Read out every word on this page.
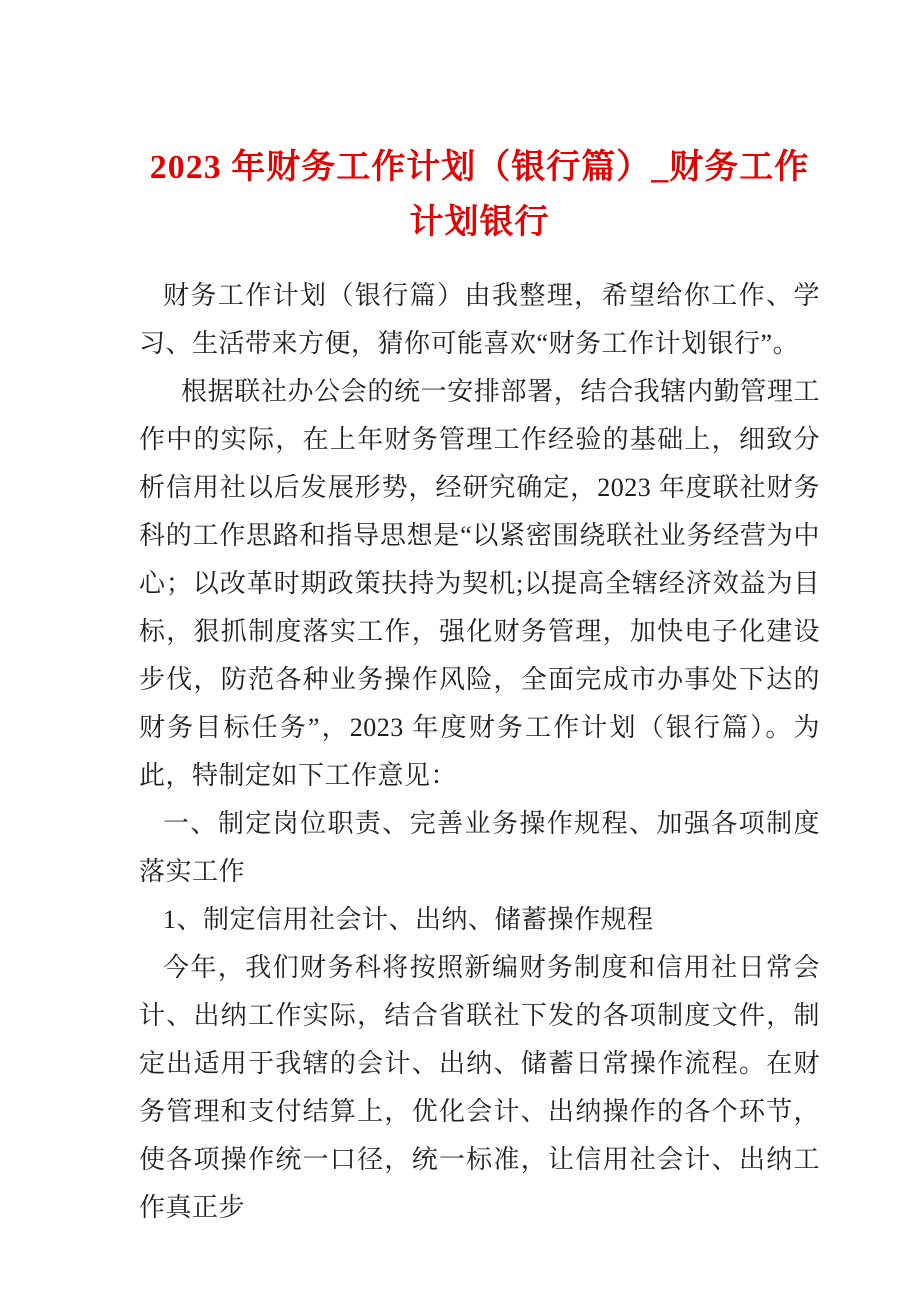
2023 年财务工作计划（银行篇）_财务工作
计划银行

财务工作计划（银行篇）由我整理，希望给你工作、学习、生活带来方便，猜你可能喜欢“财务工作计划银行”。

根据联社办公会的统一安排部署，结合我辖内勤管理工作中的实际，在上年财务管理工作经验的基础上，细致分析信用社以后发展形势，经研究确定，2023 年度联社财务科的工作思路和指导思想是“以紧密围绕联社业务经营为中心；以改革时期政策扶持为契机;以提高全辖经济效益为目标，狠抓制度落实工作，强化财务管理，加快电子化建设步伐，防范各种业务操作风险，全面完成市办事处下达的财务目标任务”，2023 年度财务工作计划（银行篇）。为此，特制定如下工作意见：

一、制定岗位职责、完善业务操作规程、加强各项制度落实工作

1、制定信用社会计、出纳、储蓄操作规程

今年，我们财务科将按照新编财务制度和信用社日常会计、出纳工作实际，结合省联社下发的各项制度文件，制定出适用于我辖的会计、出纳、储蓄日常操作流程。在财务管理和支付结算上，优化会计、出纳操作的各个环节，使各项操作统一口径，统一标准，让信用社会计、出纳工作真正步
